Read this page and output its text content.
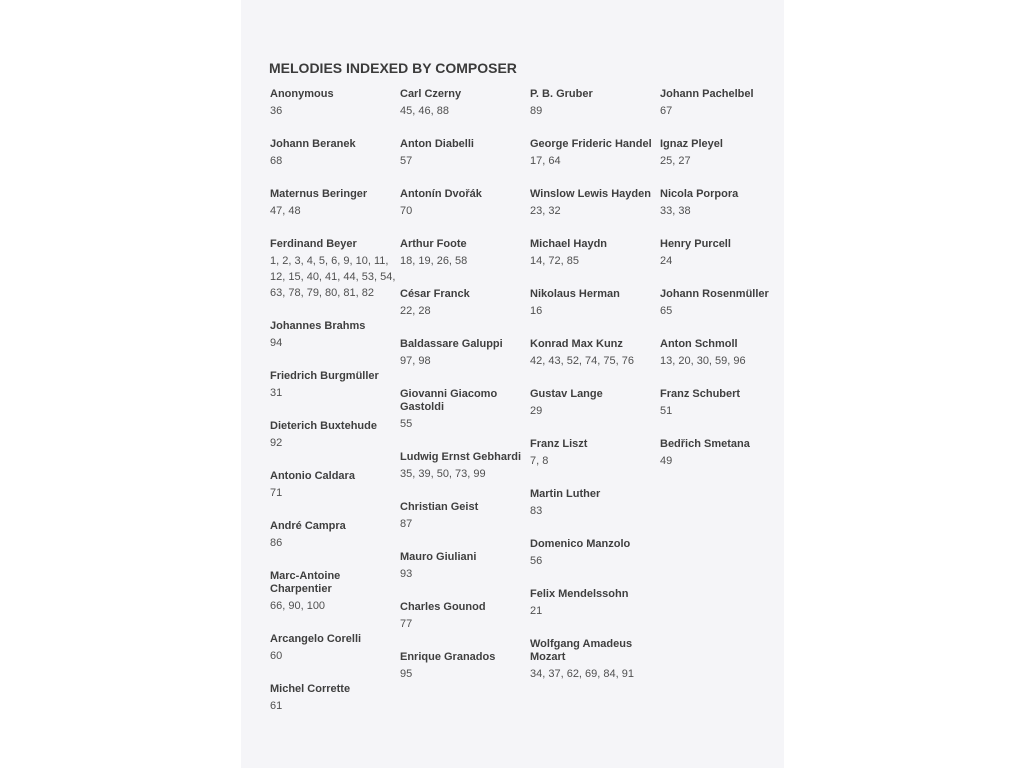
MELODIES INDEXED BY COMPOSER
Anonymous
36
Johann Beranek
68
Maternus Beringer
47, 48
Ferdinand Beyer
1, 2, 3, 4, 5, 6, 9, 10, 11,
12, 15, 40, 41, 44, 53, 54,
63, 78, 79, 80, 81, 82
Johannes Brahms
94
Friedrich Burgmüller
31
Dieterich Buxtehude
92
Antonio Caldara
71
André Campra
86
Marc-Antoine
Charpentier
66, 90, 100
Arcangelo Corelli
60
Michel Corrette
61
Carl Czerny
45, 46, 88
Anton Diabelli
57
Antonín Dvořák
70
Arthur Foote
18, 19, 26, 58
César Franck
22, 28
Baldassare Galuppi
97, 98
Giovanni Giacomo
Gastoldi
55
Ludwig Ernst Gebhardi
35, 39, 50, 73, 99
Christian Geist
87
Mauro Giuliani
93
Charles Gounod
77
Enrique Granados
95
P. B. Gruber
89
George Frideric Handel
17, 64
Winslow Lewis Hayden
23, 32
Michael Haydn
14, 72, 85
Nikolaus Herman
16
Konrad Max Kunz
42, 43, 52, 74, 75, 76
Gustav Lange
29
Franz Liszt
7, 8
Martin Luther
83
Domenico Manzolo
56
Felix Mendelssohn
21
Wolfgang Amadeus
Mozart
34, 37, 62, 69, 84, 91
Johann Pachelbel
67
Ignaz Pleyel
25, 27
Nicola Porpora
33, 38
Henry Purcell
24
Johann Rosenmüller
65
Anton Schmoll
13, 20, 30, 59, 96
Franz Schubert
51
Bedřich Smetana
49
